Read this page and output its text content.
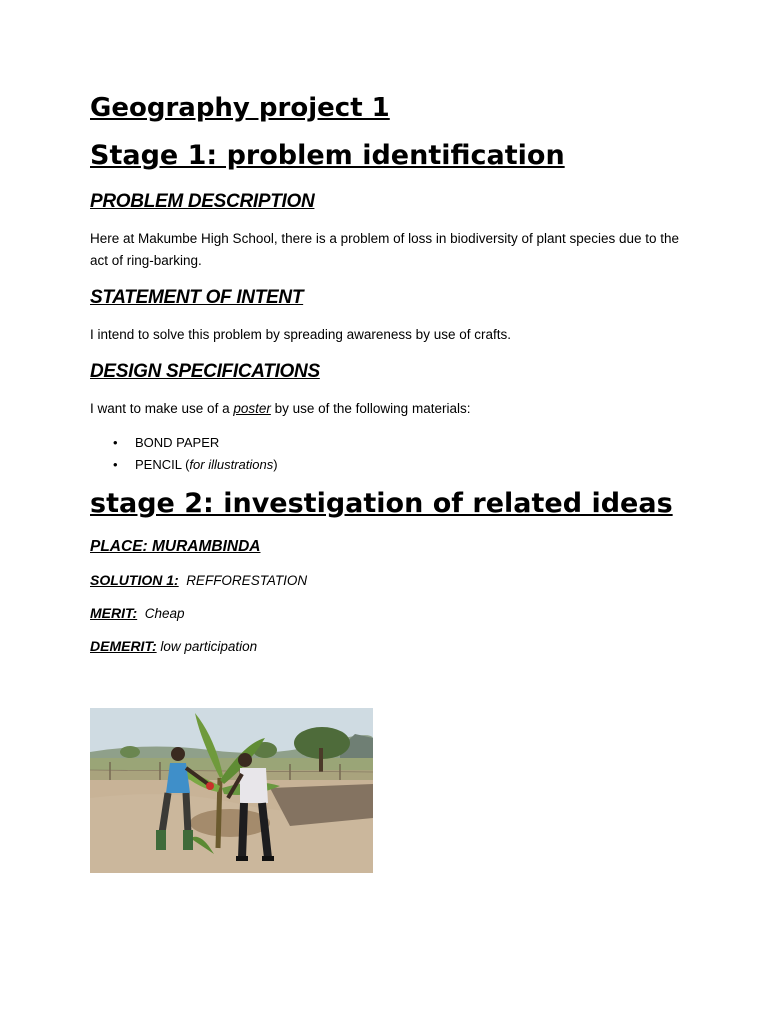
Geography project 1
Stage 1: problem identification
PROBLEM DESCRIPTION
Here at Makumbe High School, there is a problem of loss in biodiversity of plant species due to the act of ring-barking.
STATEMENT OF INTENT
I intend to solve this problem by spreading awareness by use of crafts.
DESIGN SPECIFICATIONS
I want to make use of a poster by use of the following materials:
• BOND PAPER
• PENCIL (for illustrations)
stage 2: investigation of related ideas
PLACE: MURAMBINDA
SOLUTION 1: REFFORESTATION
MERIT: Cheap
DEMERIT: low participation
